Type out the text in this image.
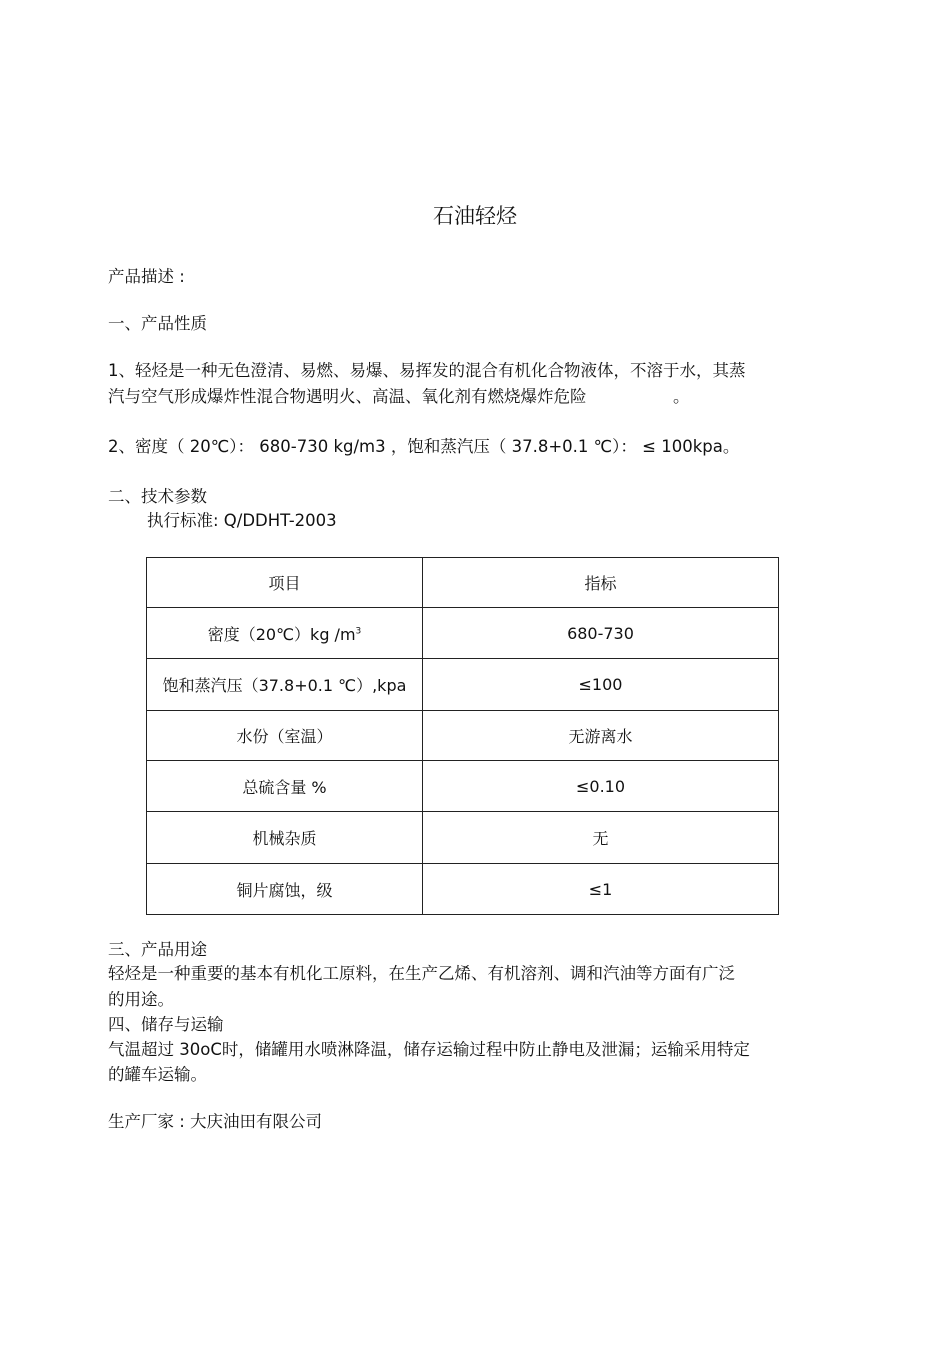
石油轻烃
产品描述 :
一、产品性质
1、轻烃是一种无色澄清、易燃、易爆、易挥发的混合有机化合物液体，不溶于水，其蒸
汽与空气形成爆炸性混合物遇明火、高温、氧化剂有燃烧爆炸危险	。
2、密度（ 20℃）： 680-730 kg/m3 ，饱和蒸汽压（ 37.8+0.1 ℃）： ≤ 100kpa。
二、技术参数
执行标准: Q/DDHT-2003
项目	指标
密度（20℃）kg $/m^3$	680-730
饱和蒸汽压（37.8+0.1 ℃）,kpa	≤100
水份（室温）	无游离水
总硫含量 %	≤0.10
机械杂质	无
铜片腐蚀，级	≤1
三、产品用途
轻烃是一种重要的基本有机化工原料，在生产乙烯、有机溶剂、调和汽油等方面有广泛
的用途。
四、储存与运输
气温超过 30oC时，储罐用水喷淋降温，储存运输过程中防止静电及泄漏；运输采用特定
的罐车运输。
生产厂家 : 大庆油田有限公司
